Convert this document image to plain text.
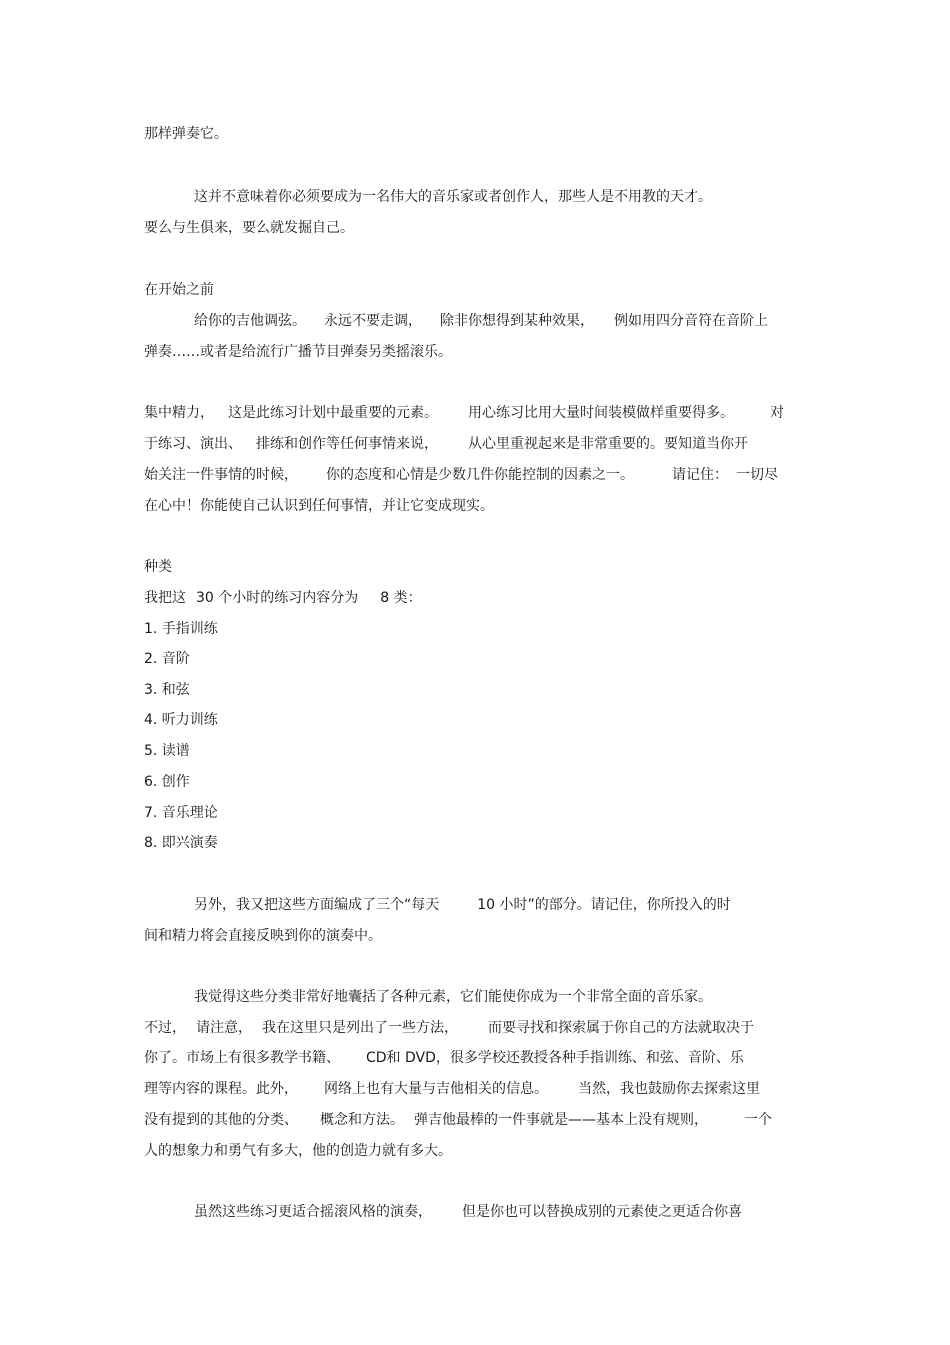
那样弹奏它。

这并不意味着你必须要成为一名伟大的音乐家或者创作人，那些人是不用教的天才。

要么与生俱来，要么就发掘自己。

在开始之前

给你的吉他调弦。 永远不要走调， 除非你想得到某种效果， 例如用四分音符在音阶上

弹奏……或者是给流行广播节目弹奏另类摇滚乐。

集中精力， 这是此练习计划中最重要的元素。 用心练习比用大量时间装模做样重要得多。	对

于练习、演出、 排练和创作等任何事情来说， 从心里重视起来是非常重要的。要知道当你开

始关注一件事情的时候， 你的态度和心情是少数几件你能控制的因素之一。	请记住： 一切尽

在心中！你能使自己认识到任何事情，并让它变成现实。

种类

我把这 30 个小时的练习内容分为 8 类：

1. 手指训练

2. 音阶

3. 和弦

4. 听力训练

5. 读谱

6. 创作

7. 音乐理论

8. 即兴演奏

另外，我又把这些方面编成了三个“每天	10 小时”的部分。请记住，你所投入的时

间和精力将会直接反映到你的演奏中。

我觉得这些分类非常好地囊括了各种元素，它们能使你成为一个非常全面的音乐家。

不过， 请注意， 我在这里只是列出了一些方法， 而要寻找和探索属于你自己的方法就取决于

你了。市场上有很多教学书籍、 CD和 DVD，很多学校还教授各种手指训练、和弦、音阶、乐

理等内容的课程。此外， 网络上也有大量与吉他相关的信息。 当然，我也鼓励你去探索这里

没有提到的其他的分类、 概念和方法。 弹吉他最棒的一件事就是——基本上没有规则，	一个

人的想象力和勇气有多大，他的创造力就有多大。

虽然这些练习更适合摇滚风格的演奏， 但是你也可以替换成别的元素使之更适合你喜
